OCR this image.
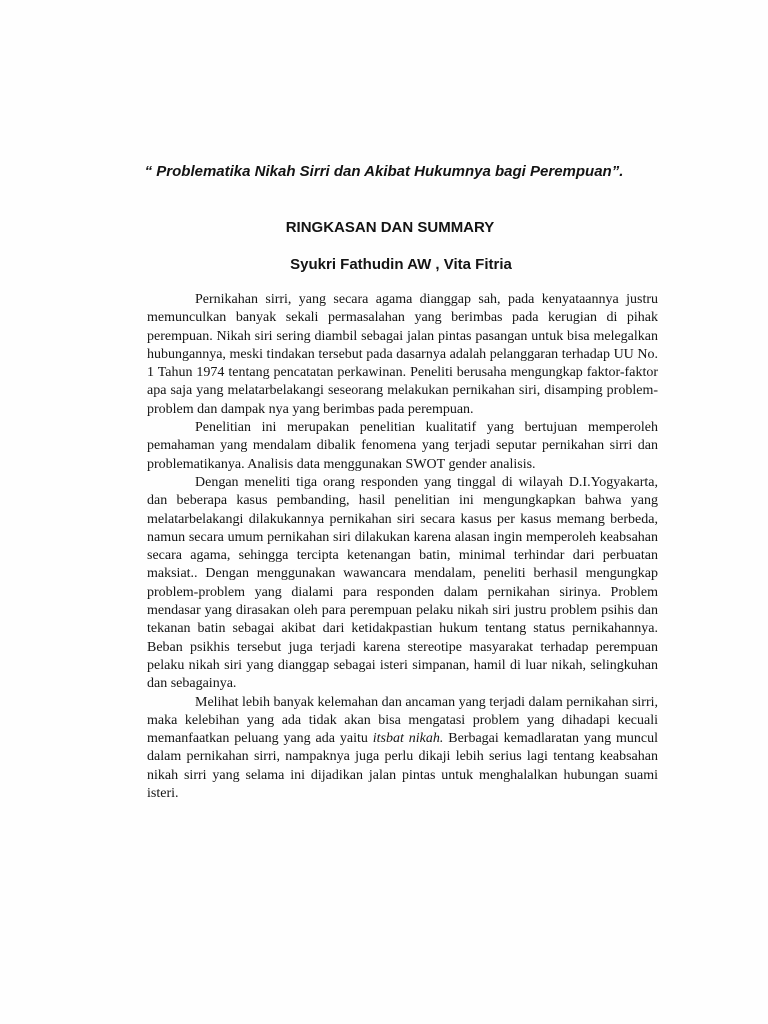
“ Problematika Nikah Sirri dan Akibat Hukumnya bagi Perempuan”.
RINGKASAN DAN SUMMARY
Syukri Fathudin AW , Vita Fitria

Pernikahan sirri, yang secara agama dianggap sah, pada kenyataannya justru memunculkan banyak sekali permasalahan yang berimbas pada kerugian di pihak perempuan. Nikah siri sering diambil sebagai jalan pintas pasangan untuk bisa melegalkan hubungannya, meski tindakan tersebut pada dasarnya adalah pelanggaran terhadap UU No. 1 Tahun 1974 tentang pencatatan perkawinan. Peneliti berusaha mengungkap faktor-faktor apa saja yang melatarbelakangi seseorang melakukan pernikahan siri, disamping problem-problem dan dampak nya yang berimbas pada perempuan.

Penelitian ini merupakan penelitian kualitatif yang bertujuan memperoleh pemahaman yang mendalam dibalik fenomena yang terjadi seputar pernikahan sirri dan problematikanya. Analisis data menggunakan SWOT gender analisis.

Dengan meneliti tiga orang responden yang tinggal di wilayah D.I.Yogyakarta, dan beberapa kasus pembanding, hasil penelitian ini mengungkapkan bahwa yang melatarbelakangi dilakukannya pernikahan siri secara kasus per kasus memang berbeda, namun secara umum pernikahan siri dilakukan karena alasan ingin memperoleh keabsahan secara agama, sehingga tercipta ketenangan batin, minimal terhindar dari perbuatan maksiat.. Dengan menggunakan wawancara mendalam, peneliti berhasil mengungkap problem-problem yang dialami para responden dalam pernikahan sirinya. Problem mendasar yang dirasakan oleh para perempuan pelaku nikah siri justru problem psihis dan tekanan batin sebagai akibat dari ketidakpastian hukum tentang status pernikahannya. Beban psikhis tersebut juga terjadi karena stereotipe masyarakat terhadap perempuan pelaku nikah siri yang dianggap sebagai isteri simpanan, hamil di luar nikah, selingkuhan dan sebagainya.

Melihat lebih banyak kelemahan dan ancaman yang terjadi dalam pernikahan sirri, maka kelebihan yang ada tidak akan bisa mengatasi problem yang dihadapi kecuali memanfaatkan peluang yang ada yaitu itsbat nikah. Berbagai kemadlaratan yang muncul dalam pernikahan sirri, nampaknya juga perlu dikaji lebih serius lagi tentang keabsahan nikah sirri yang selama ini dijadikan jalan pintas untuk menghalalkan hubungan suami isteri.
